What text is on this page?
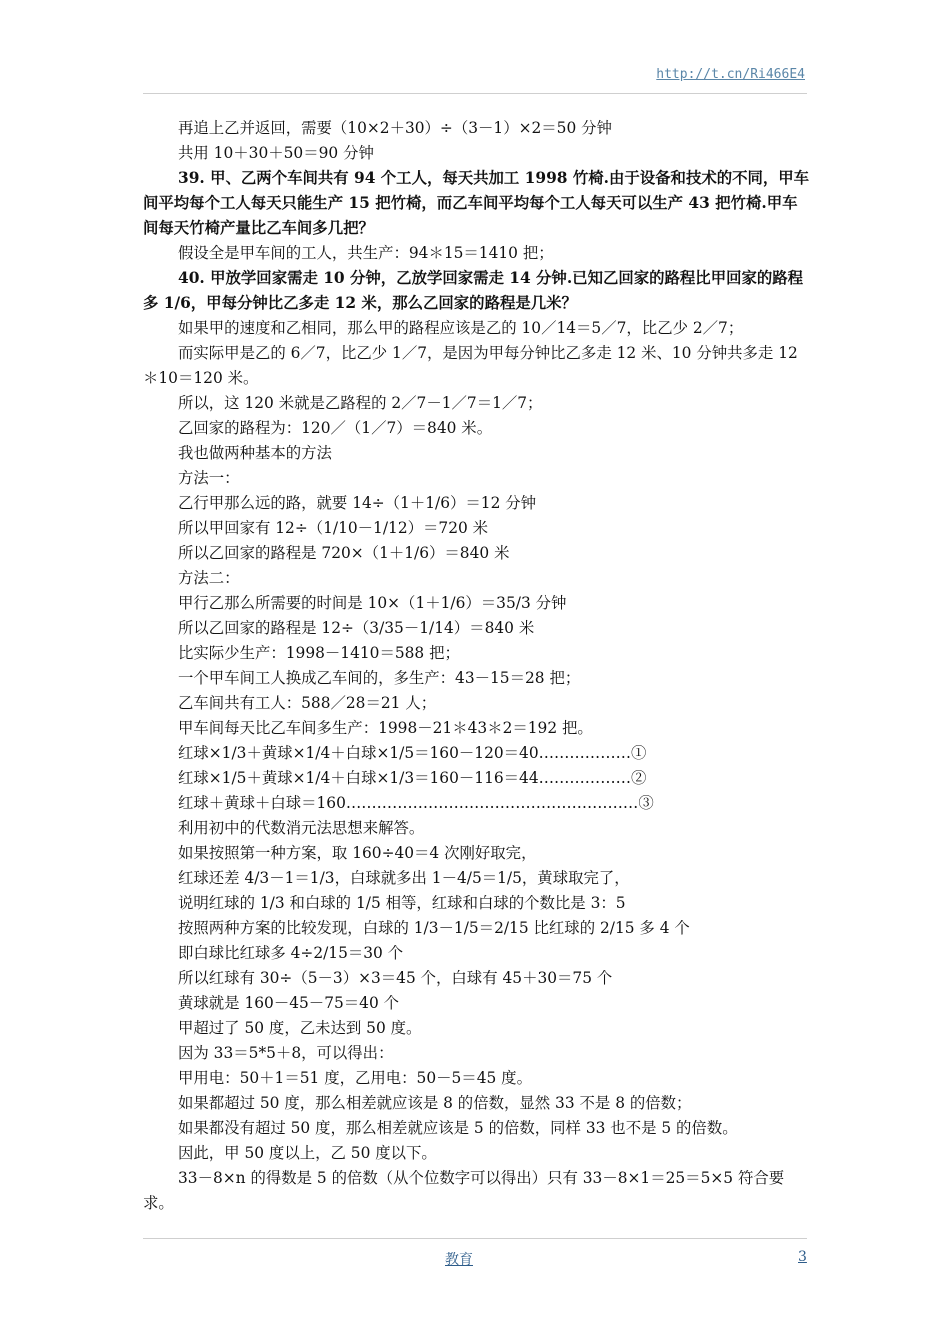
http://t.cn/Ri466E4

再追上乙并返回，需要（10×2＋30）÷（3－1）×2＝50 分钟

共用 10＋30＋50＝90 分钟

39. 甲、乙两个车间共有 94 个工人，每天共加工 1998 竹椅.由于设备和技术的不同，甲车间平均每个工人每天只能生产 15 把竹椅，而乙车间平均每个工人每天可以生产 43 把竹椅.甲车间每天竹椅产量比乙车间多几把？

假设全是甲车间的工人，共生产：94＊15＝1410 把；

40. 甲放学回家需走 10 分钟，乙放学回家需走 14 分钟.已知乙回家的路程比甲回家的路程多 1/6，甲每分钟比乙多走 12 米，那么乙回家的路程是几米？

如果甲的速度和乙相同，那么甲的路程应该是乙的 10／14＝5／7，比乙少 2／7；

而实际甲是乙的 6／7，比乙少 1／7，是因为甲每分钟比乙多走 12 米、10 分钟共多走 12＊10＝120 米。

所以，这 120 米就是乙路程的 2／7－1／7＝1／7；

乙回家的路程为：120／（1／7）＝840 米。

我也做两种基本的方法

方法一：

乙行甲那么远的路，就要 14÷（1＋1/6）＝12 分钟

所以甲回家有 12÷（1/10－1/12）＝720 米

所以乙回家的路程是 720×（1＋1/6）＝840 米

方法二：

甲行乙那么所需要的时间是 10×（1＋1/6）＝35/3 分钟

所以乙回家的路程是 12÷（3/35－1/14）＝840 米

比实际少生产：1998－1410＝588 把；

一个甲车间工人换成乙车间的，多生产：43－15＝28 把；

乙车间共有工人：588／28＝21 人；

甲车间每天比乙车间多生产：1998－21＊43＊2＝192 把。

红球×1/3＋黄球×1/4＋白球×1/5＝160－120＝40………………①

红球×1/5＋黄球×1/4＋白球×1/3＝160－116＝44………………②

红球＋黄球＋白球＝160…………………………………………………③

利用初中的代数消元法思想来解答。

如果按照第一种方案，取 160÷40＝4 次刚好取完，

红球还差 4/3－1＝1/3，白球就多出 1－4/5＝1/5，黄球取完了，

说明红球的 1/3 和白球的 1/5 相等，红球和白球的个数比是 3：5

按照两种方案的比较发现，白球的 1/3－1/5＝2/15 比红球的 2/15 多 4 个

即白球比红球多 4÷2/15＝30 个

所以红球有 30÷（5－3）×3＝45 个，白球有 45＋30＝75 个

黄球就是 160－45－75＝40 个

甲超过了 50 度，乙未达到 50 度。

因为 33＝5*5＋8，可以得出：

甲用电：50＋1＝51 度，乙用电：50－5＝45 度。

如果都超过 50 度，那么相差就应该是 8 的倍数，显然 33 不是 8 的倍数；

如果都没有超过 50 度，那么相差就应该是 5 的倍数，同样 33 也不是 5 的倍数。

因此，甲 50 度以上，乙 50 度以下。

33－8×n 的得数是 5 的倍数（从个位数字可以得出）只有 33－8×1＝25＝5×5 符合要求。

教育	3
